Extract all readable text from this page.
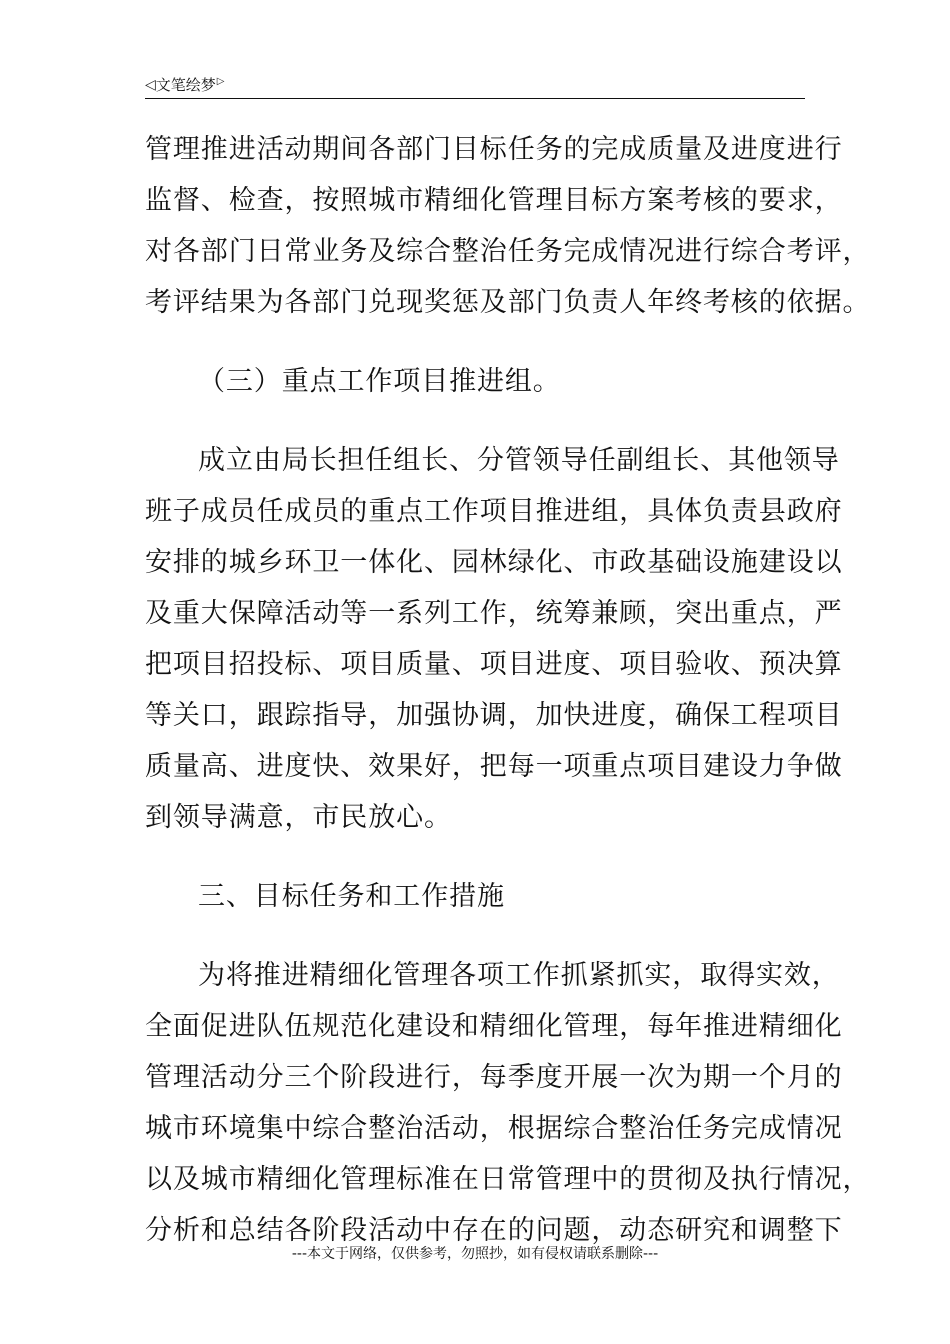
◁ 文笔绘梦 ▷
管理推进活动期间各部门目标任务的完成质量及进度进行
监督、检查，按照城市精细化管理目标方案考核的要求，
对各部门日常业务及综合整治任务完成情况进行综合考评，
考评结果为各部门兑现奖惩及部门负责人年终考核的依据。
（三）重点工作项目推进组。
成立由局长担任组长、分管领导任副组长、其他领导
班子成员任成员的重点工作项目推进组，具体负责县政府
安排的城乡环卫一体化、园林绿化、市政基础设施建设以
及重大保障活动等一系列工作，统筹兼顾，突出重点，严
把项目招投标、项目质量、项目进度、项目验收、预决算
等关口，跟踪指导，加强协调，加快进度，确保工程项目
质量高、进度快、效果好，把每一项重点项目建设力争做
到领导满意，市民放心。
三、目标任务和工作措施
为将推进精细化管理各项工作抓紧抓实，取得实效，
全面促进队伍规范化建设和精细化管理，每年推进精细化
管理活动分三个阶段进行，每季度开展一次为期一个月的
城市环境集中综合整治活动，根据综合整治任务完成情况
以及城市精细化管理标准在日常管理中的贯彻及执行情况，
分析和总结各阶段活动中存在的问题，动态研究和调整下
---本文于网络，仅供参考，勿照抄，如有侵权请联系删除---
